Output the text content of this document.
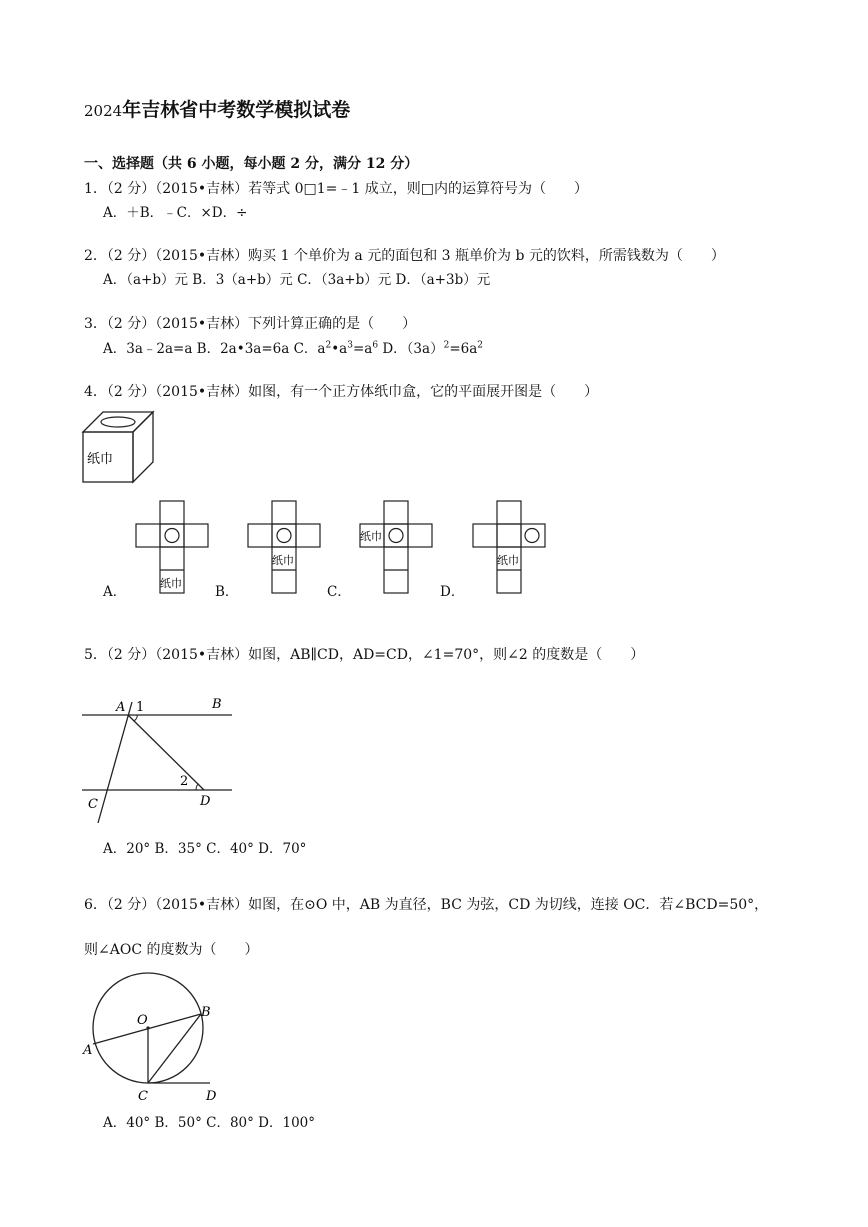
2024年吉林省中考数学模拟试卷
一、选择题（共 6 小题，每小题 2 分，满分 12 分）
1．（2 分）（2015•吉林）若等式 0□1=﹣1 成立，则□内的运算符号为（　　）
A．＋B．﹣C．×D．÷
2．（2 分）（2015•吉林）购买 1 个单价为 a 元的面包和 3 瓶单价为 b 元的饮料，所需钱数为（　　）
A．（a+b）元 B．3（a+b）元 C．（3a+b）元 D．（a+3b）元
3．（2 分）（2015•吉林）下列计算正确的是（　　）
A．3a﹣2a=a B．2a•3a=6a C．$a^2•a^3=a^6$ D．$(3a)^2=6a^2$
4．（2 分）（2015•吉林）如图，有一个正方体纸巾盒，它的平面展开图是（　　）
纸巾
纸巾
A．
纸巾
B．
纸巾
C．
纸巾
D．
5．（2 分）（2015•吉林）如图，AB∥CD，AD=CD，∠1=70°，则∠2 的度数是（　　）
A 1	B
2
D
C
A．20° B．35° C．40° D．70°
6．（2 分）（2015•吉林）如图，在⊙O 中，AB 为直径，BC 为弦，CD 为切线，连接 OC．若∠BCD=50°，
则∠AOC 的度数为（　　）
O
B
A
C	D
A．40° B．50° C．80° D．100°
